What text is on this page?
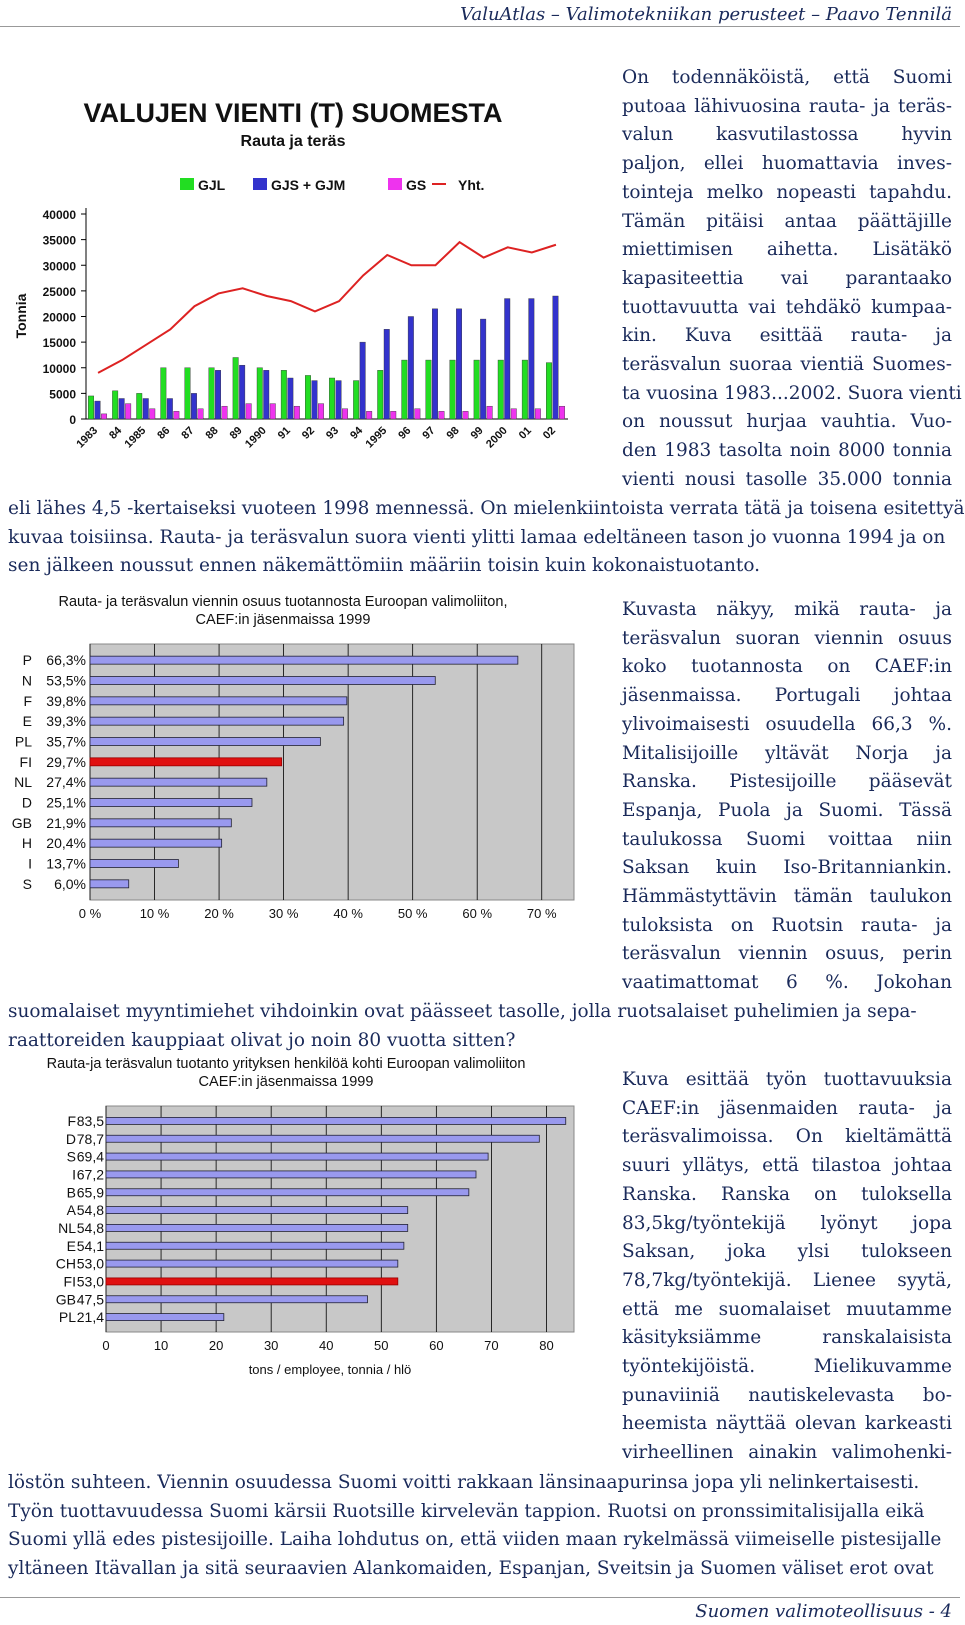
ValuAtlas – Valimotekniikan perusteet – Paavo Tennilä
VALUJEN VIENTI (T) SUOMESTA
Rauta ja teräs
GJL	GJS + GJM	GS Yht.
Tonnia
0
5000
10000
15000
20000
25000
30000
35000
40000
1983 84
1985 86 87 88 89
1990 91 92 93 94
1995 96 97 98 99
2000 01 02
On todennäköistä, että Suomi
putoaa lähivuosina rauta- ja teräs-
valun kasvutilastossa hyvin
paljon, ellei huomattavia inves-
tointeja melko nopeasti tapahdu.
Tämän pitäisi antaa päättäjille
miettimisen aihetta. Lisätäkö
kapasiteettia vai parantaako
tuottavuutta vai tehdäkö kumpaa-
kin. Kuva esittää rauta- ja
teräsvalun suoraa vientiä Suomes-
ta vuosina 1983...2002. Suora vienti
on noussut hurjaa vauhtia. Vuo-
den 1983 tasolta noin 8000 tonnia
vienti nousi tasolle 35.000 tonnia
eli lähes 4,5 -kertaiseksi vuoteen 1998 mennessä. On mielenkiintoista verrata tätä ja toisena esitettyä
kuvaa toisiinsa. Rauta- ja teräsvalun suora vienti ylitti lamaa edeltäneen tason jo vuonna 1994 ja on
sen jälkeen noussut ennen näkemättömiin määriin toisin kuin kokonaistuotanto.
Rauta- ja teräsvalun viennin osuus tuotannosta Euroopan valimoliiton,
CAEF:in jäsenmaissa 1999
0 %	10 %	20 %	30 %	40 %	50 %	60 %	70 %
P 66,3%
N 53,5%
F 39,8%
E 39,3%
PL 35,7%
FI 29,7%
NL 27,4%
D 25,1%
GB 21,9%
H 20,4%
I 13,7%
S 6,0%
Kuvasta näkyy, mikä rauta- ja
teräsvalun suoran viennin osuus
koko tuotannosta on CAEF:in
jäsenmaissa. Portugali johtaa
ylivoimaisesti osuudella 66,3 %.
Mitalisijoille yltävät Norja ja
Ranska. Pistesijoille pääsevät
Espanja, Puola ja Suomi. Tässä
taulukossa Suomi voittaa niin
Saksan kuin Iso-Britanniankin.
Hämmästyttävin tämän taulukon
tuloksista on Ruotsin rauta- ja
teräsvalun viennin osuus, perin
vaatimattomat 6 %. Jokohan
suomalaiset myyntimiehet vihdoinkin ovat päässeet tasolle, jolla ruotsalaiset puhelimien ja sepa-
raattoreiden kauppiaat olivat jo noin 80 vuotta sitten?
Rauta-ja teräsvalun tuotanto yrityksen henkilöä kohti Euroopan valimoliiton
CAEF:in jäsenmaissa 1999
0	10	20	30	40	50	60	70	80
F 83,5
D 78,7
S 69,4
I 67,2
B 65,9
A 54,8
NL 54,8
E 54,1
CH 53,0
FI 53,0
GB 47,5
PL 21,4
tons / employee, tonnia / hlö
Kuva esittää työn tuottavuuksia
CAEF:in jäsenmaiden rauta- ja
teräsvalimoissa. On kieltämättä
suuri yllätys, että tilastoa johtaa
Ranska. Ranska on tuloksella
83,5kg/työntekijä lyönyt jopa
Saksan, joka ylsi tulokseen
78,7kg/työntekijä. Lienee syytä,
että me suomalaiset muutamme
käsityksiämme ranskalaisista
työntekijöistä. Mielikuvamme
punaviiniä nautiskelevasta bo-
heemista näyttää olevan karkeasti
virheellinen ainakin valimohenki-
löstön suhteen. Viennin osuudessa Suomi voitti rakkaan länsinaapurinsa jopa yli nelinkertaisesti.
Työn tuottavuudessa Suomi kärsii Ruotsille kirvelevän tappion. Ruotsi on pronssimitalisijalla eikä
Suomi yllä edes pistesijoille. Laiha lohdutus on, että viiden maan rykelmässä viimeiselle pistesijalle
yltäneen Itävallan ja sitä seuraavien Alankomaiden, Espanjan, Sveitsin ja Suomen väliset erot ovat
Suomen valimoteollisuus - 4
